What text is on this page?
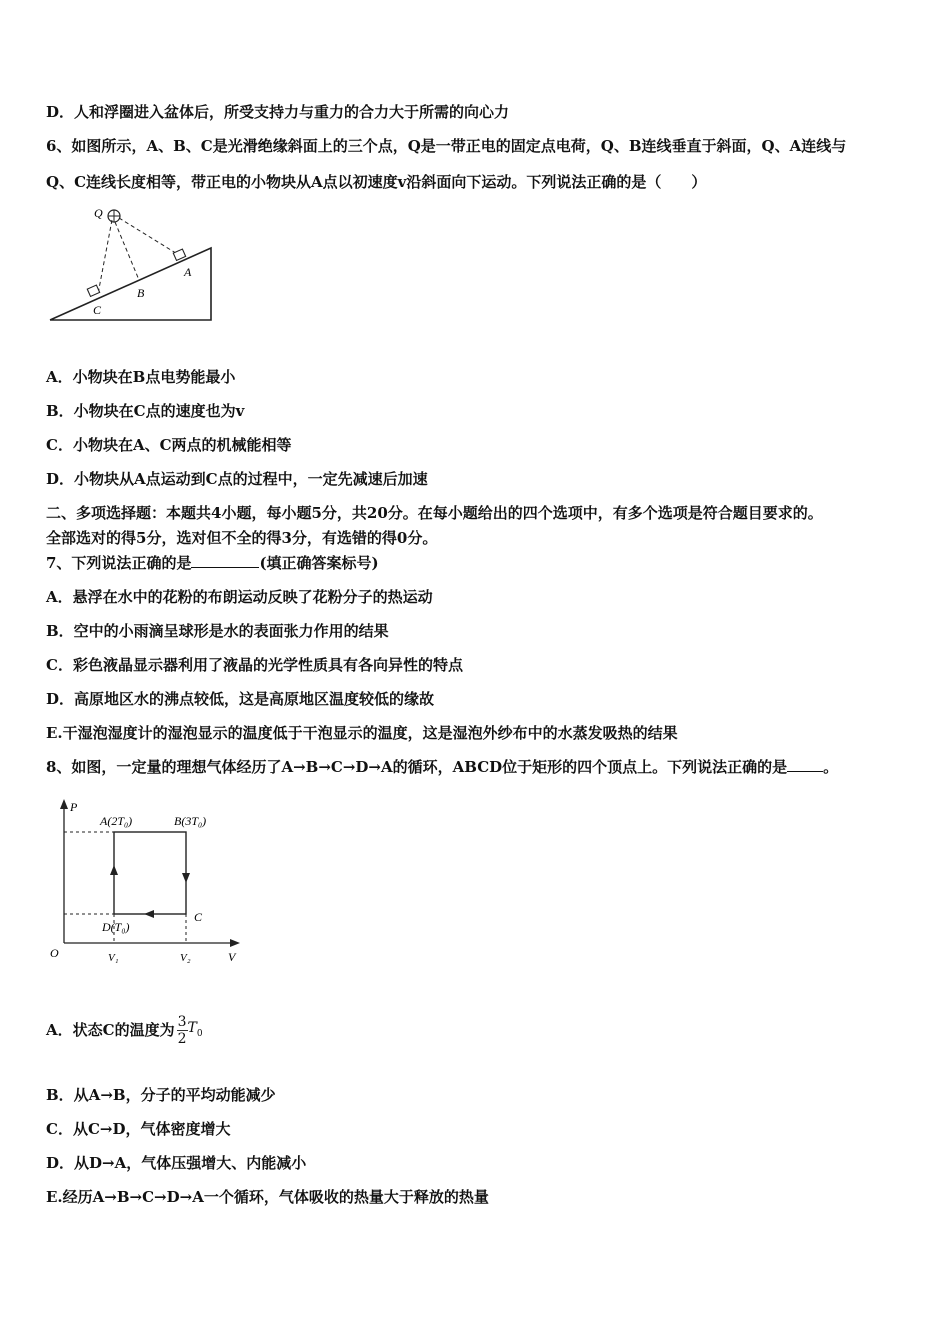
D．人和浮圈进入盆体后，所受支持力与重力的合力大于所需的向心力
6、如图所示，A、B、C是光滑绝缘斜面上的三个点，Q是一带正电的固定点电荷，Q、B连线垂直于斜面，Q、A连线与
Q、C连线长度相等，带正电的小物块从A点以初速度v沿斜面向下运动。下列说法正确的是（　　）
Q
A
B
C
A．小物块在B点电势能最小
B．小物块在C点的速度也为v
C．小物块在A、C两点的机械能相等
D．小物块从A点运动到C点的过程中，一定先减速后加速
二、多项选择题：本题共4小题，每小题5分，共20分。在每小题给出的四个选项中，有多个选项是符合题目要求的。
全部选对的得5分，选对但不全的得3分，有选错的得0分。
7、下列说法正确的是	(填正确答案标号)
A．悬浮在水中的花粉的布朗运动反映了花粉分子的热运动
B．空中的小雨滴呈球形是水的表面张力作用的结果
C．彩色液晶显示器利用了液晶的光学性质具有各向异性的特点
D．高原地区水的沸点较低，这是高原地区温度较低的缘故
E.干湿泡湿度计的湿泡显示的温度低于干泡显示的温度，这是湿泡外纱布中的水蒸发吸热的结果
8、如图，一定量的理想气体经历了A→B→C→D→A的循环，ABCD位于矩形的四个顶点上。下列说法正确的是 。
P
V
O
A(2T₀)	B(3T₀)
C
D(T₀)
V₁	V₂
A．状态C的温度为 $\frac{3}{2} T_0$
B．从A→B，分子的平均动能减少
C．从C→D，气体密度增大
D．从D→A，气体压强增大、内能减小
E.经历A→B→C→D→A一个循环，气体吸收的热量大于释放的热量
